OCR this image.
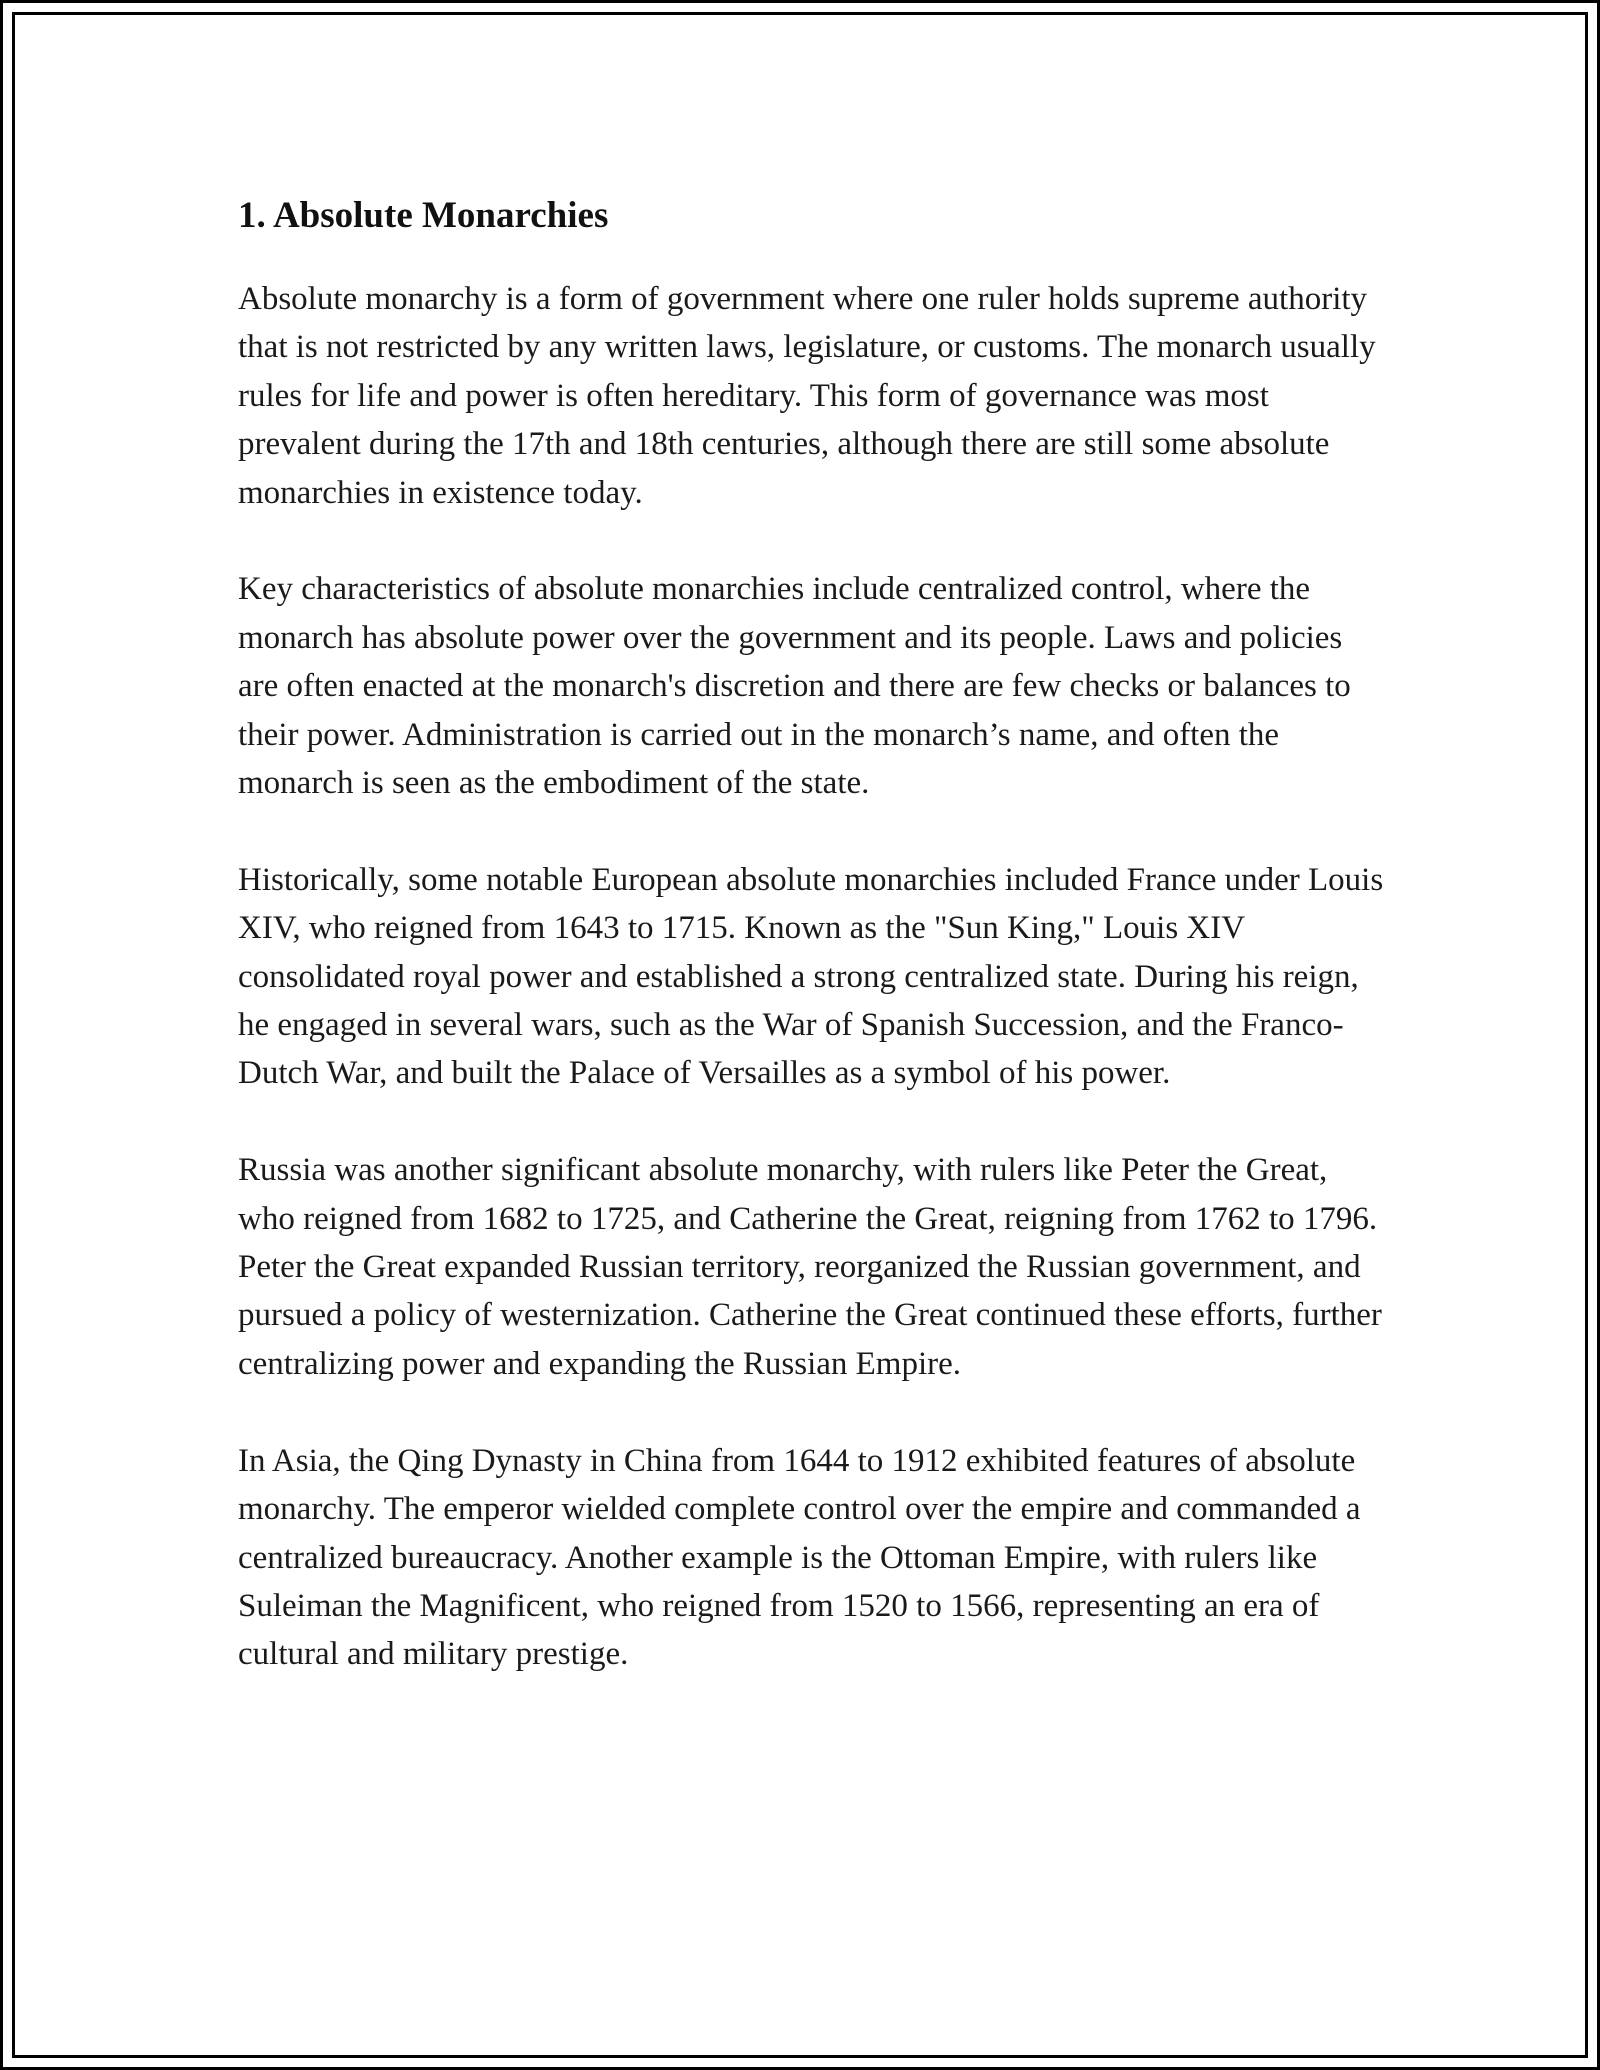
1. Absolute Monarchies

Absolute monarchy is a form of government where one ruler holds supreme authority that is not restricted by any written laws, legislature, or customs. The monarch usually rules for life and power is often hereditary. This form of governance was most prevalent during the 17th and 18th centuries, although there are still some absolute monarchies in existence today.

Key characteristics of absolute monarchies include centralized control, where the monarch has absolute power over the government and its people. Laws and policies are often enacted at the monarch's discretion and there are few checks or balances to their power. Administration is carried out in the monarch’s name, and often the monarch is seen as the embodiment of the state.

Historically, some notable European absolute monarchies included France under Louis XIV, who reigned from 1643 to 1715. Known as the "Sun King," Louis XIV consolidated royal power and established a strong centralized state. During his reign, he engaged in several wars, such as the War of Spanish Succession, and the Franco-Dutch War, and built the Palace of Versailles as a symbol of his power.

Russia was another significant absolute monarchy, with rulers like Peter the Great, who reigned from 1682 to 1725, and Catherine the Great, reigning from 1762 to 1796. Peter the Great expanded Russian territory, reorganized the Russian government, and pursued a policy of westernization. Catherine the Great continued these efforts, further centralizing power and expanding the Russian Empire.

In Asia, the Qing Dynasty in China from 1644 to 1912 exhibited features of absolute monarchy. The emperor wielded complete control over the empire and commanded a centralized bureaucracy. Another example is the Ottoman Empire, with rulers like Suleiman the Magnificent, who reigned from 1520 to 1566, representing an era of cultural and military prestige.
